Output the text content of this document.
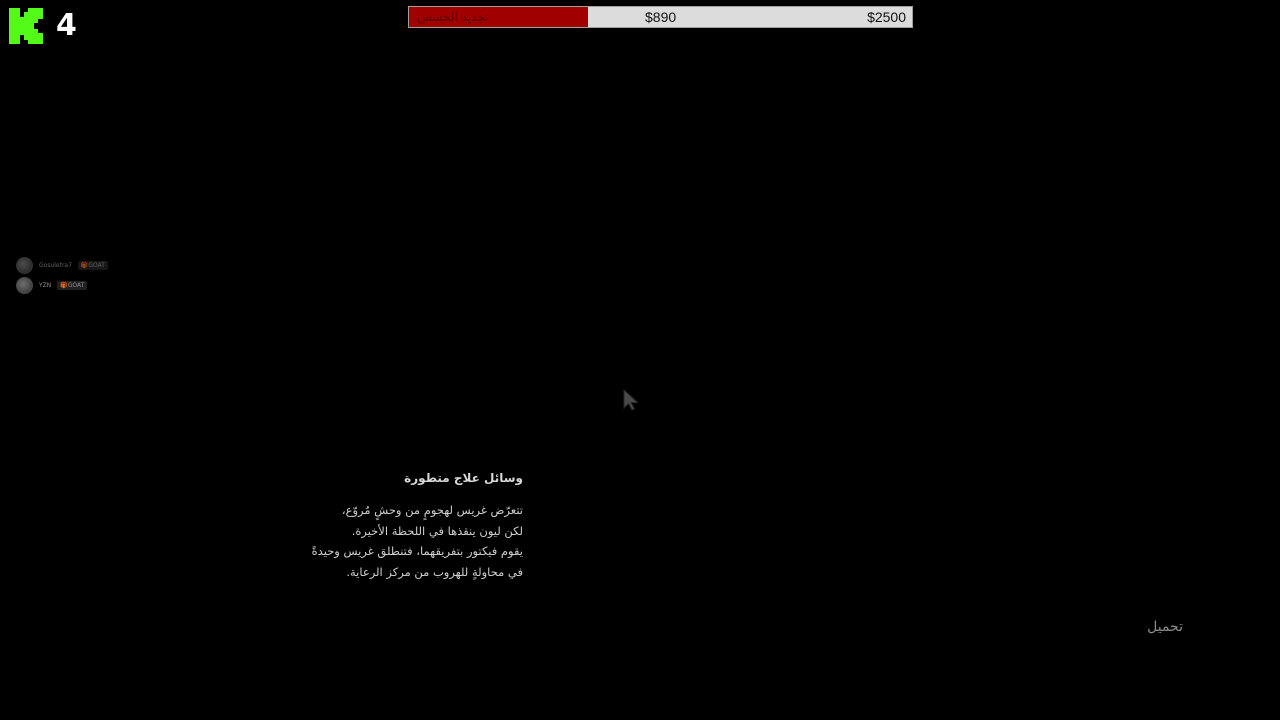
4	تجديد الجسس	$890	$2500
Gosuletra7	🎁GOAT
YZN	🎁GOAT
وسائل علاج متطورة
تتعرّض غريس لهجومٍ من وحشٍ مُروّع،
لكن ليون ينقذها في اللحظة الأخيرة.
يقوم فيكتور بتفريقهما، فتنطلق غريس وحيدةً
في محاولةٍ للهروب من مركز الرعاية.
تحميل
